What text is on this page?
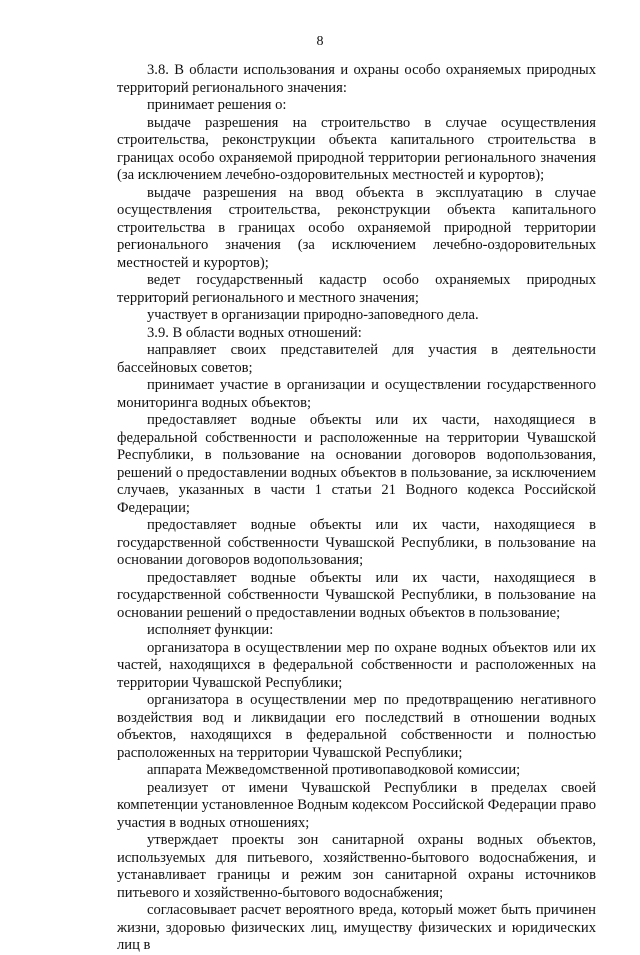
8

3.8. В области использования и охраны особо охраняемых природных территорий регионального значения:

принимает решения о:

выдаче разрешения на строительство в случае осуществления строительства, реконструкции объекта капитального строительства в границах особо охраняемой природной территории регионального значения (за исключением лечебно-оздоровительных местностей и курортов);

выдаче разрешения на ввод объекта в эксплуатацию в случае осуществления строительства, реконструкции объекта капитального строительства в границах особо охраняемой природной территории регионального значения (за исключением лечебно-оздоровительных местностей и курортов);

ведет государственный кадастр особо охраняемых природных территорий регионального и местного значения;

участвует в организации природно-заповедного дела.

3.9. В области водных отношений:

направляет своих представителей для участия в деятельности бассейновых советов;

принимает участие в организации и осуществлении государственного мониторинга водных объектов;

предоставляет водные объекты или их части, находящиеся в федеральной собственности и расположенные на территории Чувашской Республики, в пользование на основании договоров водопользования, решений о предоставлении водных объектов в пользование, за исключением случаев, указанных в части 1 статьи 21 Водного кодекса Российской Федерации;

предоставляет водные объекты или их части, находящиеся в государственной собственности Чувашской Республики, в пользование на основании договоров водопользования;

предоставляет водные объекты или их части, находящиеся в государственной собственности Чувашской Республики, в пользование на основании решений о предоставлении водных объектов в пользование;

исполняет функции:

организатора в осуществлении мер по охране водных объектов или их частей, находящихся в федеральной собственности и расположенных на территории Чувашской Республики;

организатора в осуществлении мер по предотвращению негативного воздействия вод и ликвидации его последствий в отношении водных объектов, находящихся в федеральной собственности и полностью расположенных на территории Чувашской Республики;

аппарата Межведомственной противопаводковой комиссии;

реализует от имени Чувашской Республики в пределах своей компетенции установленное Водным кодексом Российской Федерации право участия в водных отношениях;

утверждает проекты зон санитарной охраны водных объектов, используемых для питьевого, хозяйственно-бытового водоснабжения, и устанавливает границы и режим зон санитарной охраны источников питьевого и хозяйственно-бытового водоснабжения;

согласовывает расчет вероятного вреда, который может быть причинен жизни, здоровью физических лиц, имуществу физических и юридических лиц в
